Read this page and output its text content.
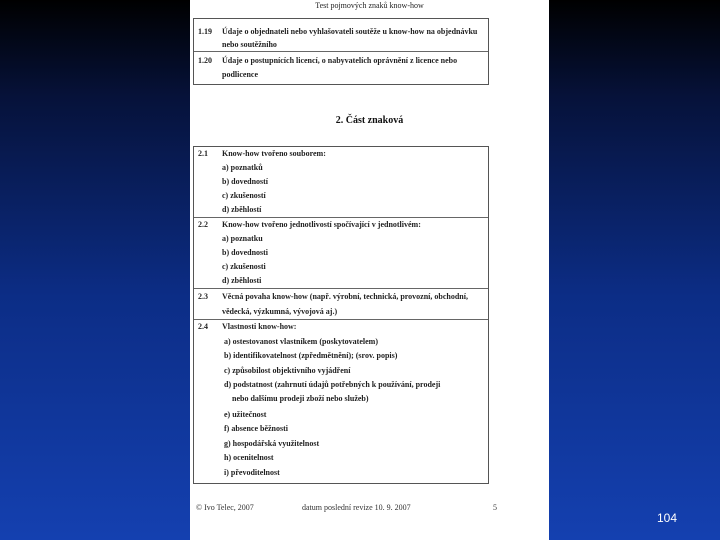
Test pojmových znaků know-how
1.19 Údaje o objednateli nebo vyhlašovateli soutěže u know-how na objednávku
nebo soutěžního
1.20 Údaje o postupnících licencí, o nabyvatelích oprávnění z licence nebo
podlicence
2. Část znaková
2.1 Know-how tvořeno souborem:
a) poznatků
b) dovedností
c) zkušeností
d) zběhlostí
2.2 Know-how tvořeno jednotlivostí spočívající v jednotlivém:
a) poznatku
b) dovednosti
c) zkušenosti
d) zběhlosti
2.3 Věcná povaha know-how (např. výrobní, technická, provozní, obchodní,
vědecká, výzkumná, vývojová aj.)
2.4 Vlastnosti know-how:
a) ostestovanost vlastníkem (poskytovatelem)
b) identifikovatelnost (zpředmětnění); (srov. popis)
c) způsobilost objektivního vyjádření
d) podstatnost (zahrnutí údajů potřebných k používání, prodeji
nebo dalšímu prodeji zboží nebo služeb)
e) užitečnost
f) absence běžnosti
g) hospodářská využitelnost
h) ocenitelnost
i) převoditelnost
© Ivo Telec, 2007	datum poslední revize 10. 9. 2007	5
104
